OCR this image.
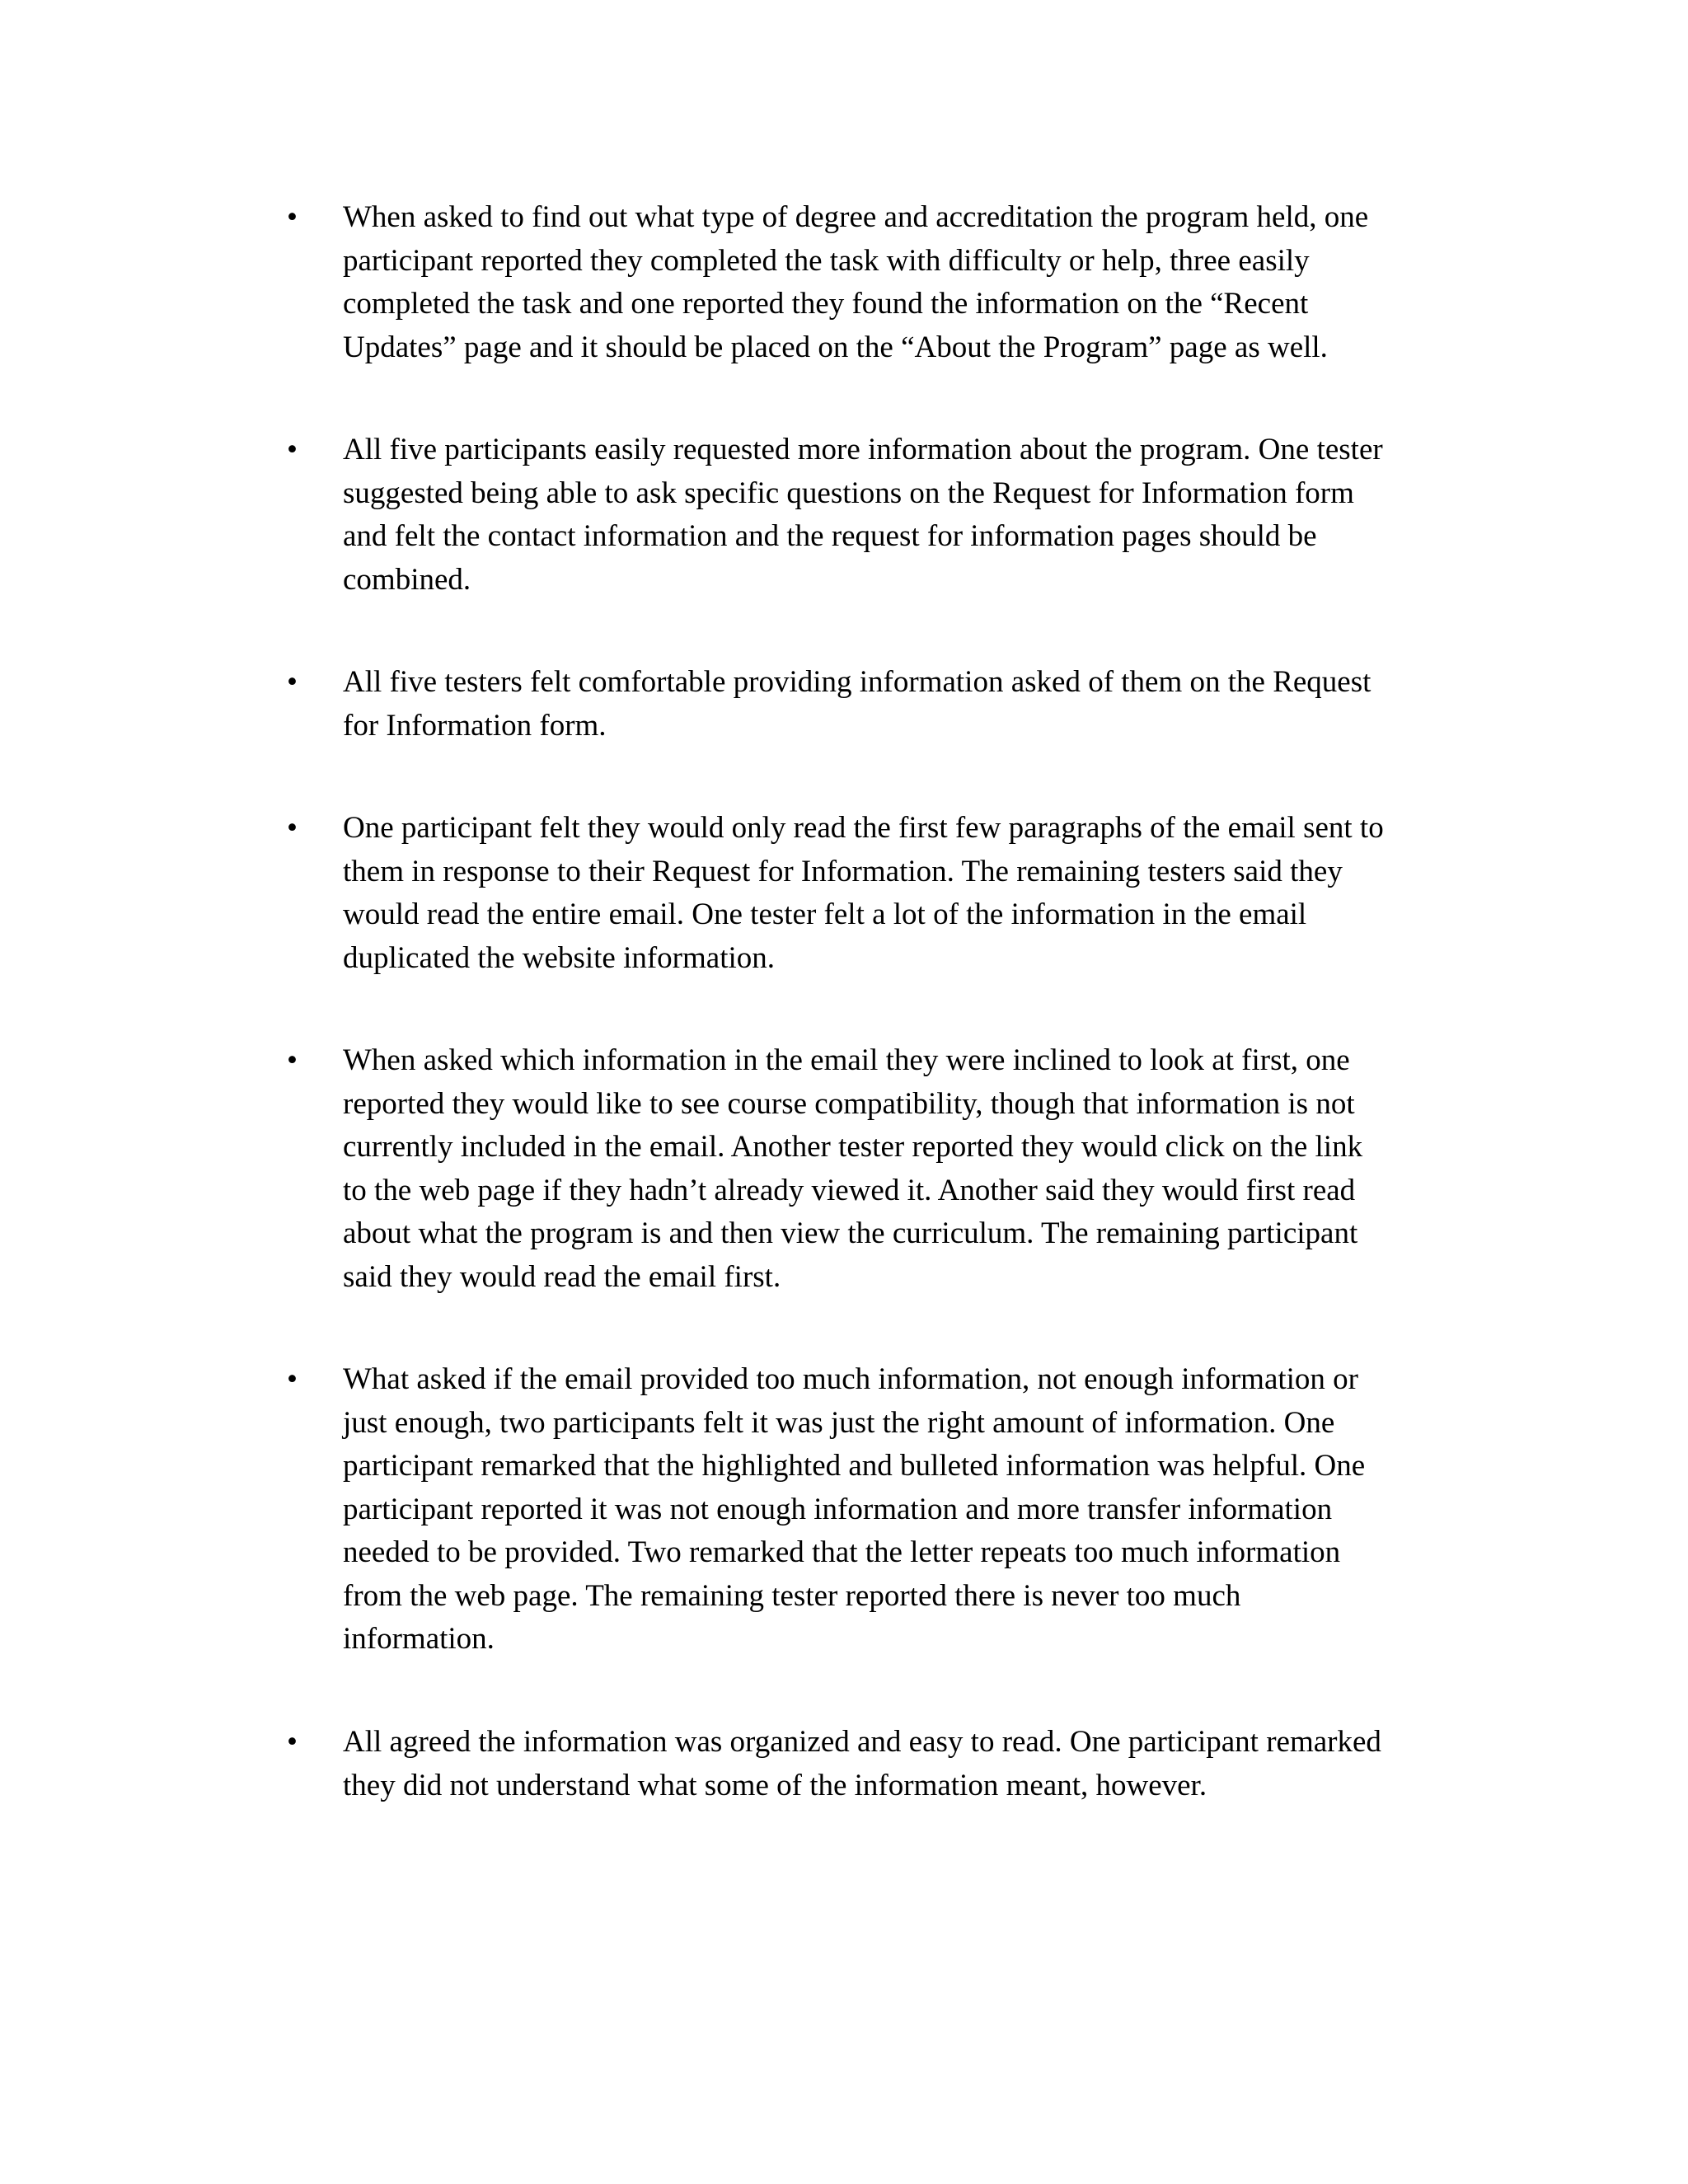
•	When asked to find out what type of degree and accreditation the program held, one
participant reported they completed the task with difficulty or help, three easily
completed the task and one reported they found the information on the “Recent
Updates” page and it should be placed on the “About the Program” page as well.

•	All five participants easily requested more information about the program. One tester
suggested being able to ask specific questions on the Request for Information form
and felt the contact information and the request for information pages should be
combined.

•	All five testers felt comfortable providing information asked of them on the Request
for Information form.

•	One participant felt they would only read the first few paragraphs of the email sent to
them in response to their Request for Information. The remaining testers said they
would read the entire email. One tester felt a lot of the information in the email
duplicated the website information.

•	When asked which information in the email they were inclined to look at first, one
reported they would like to see course compatibility, though that information is not
currently included in the email. Another tester reported they would click on the link
to the web page if they hadn’t already viewed it. Another said they would first read
about what the program is and then view the curriculum. The remaining participant
said they would read the email first.

•	What asked if the email provided too much information, not enough information or
just enough, two participants felt it was just the right amount of information. One
participant remarked that the highlighted and bulleted information was helpful. One
participant reported it was not enough information and more transfer information
needed to be provided. Two remarked that the letter repeats too much information
from the web page. The remaining tester reported there is never too much
information.

•	All agreed the information was organized and easy to read. One participant remarked
they did not understand what some of the information meant, however.
